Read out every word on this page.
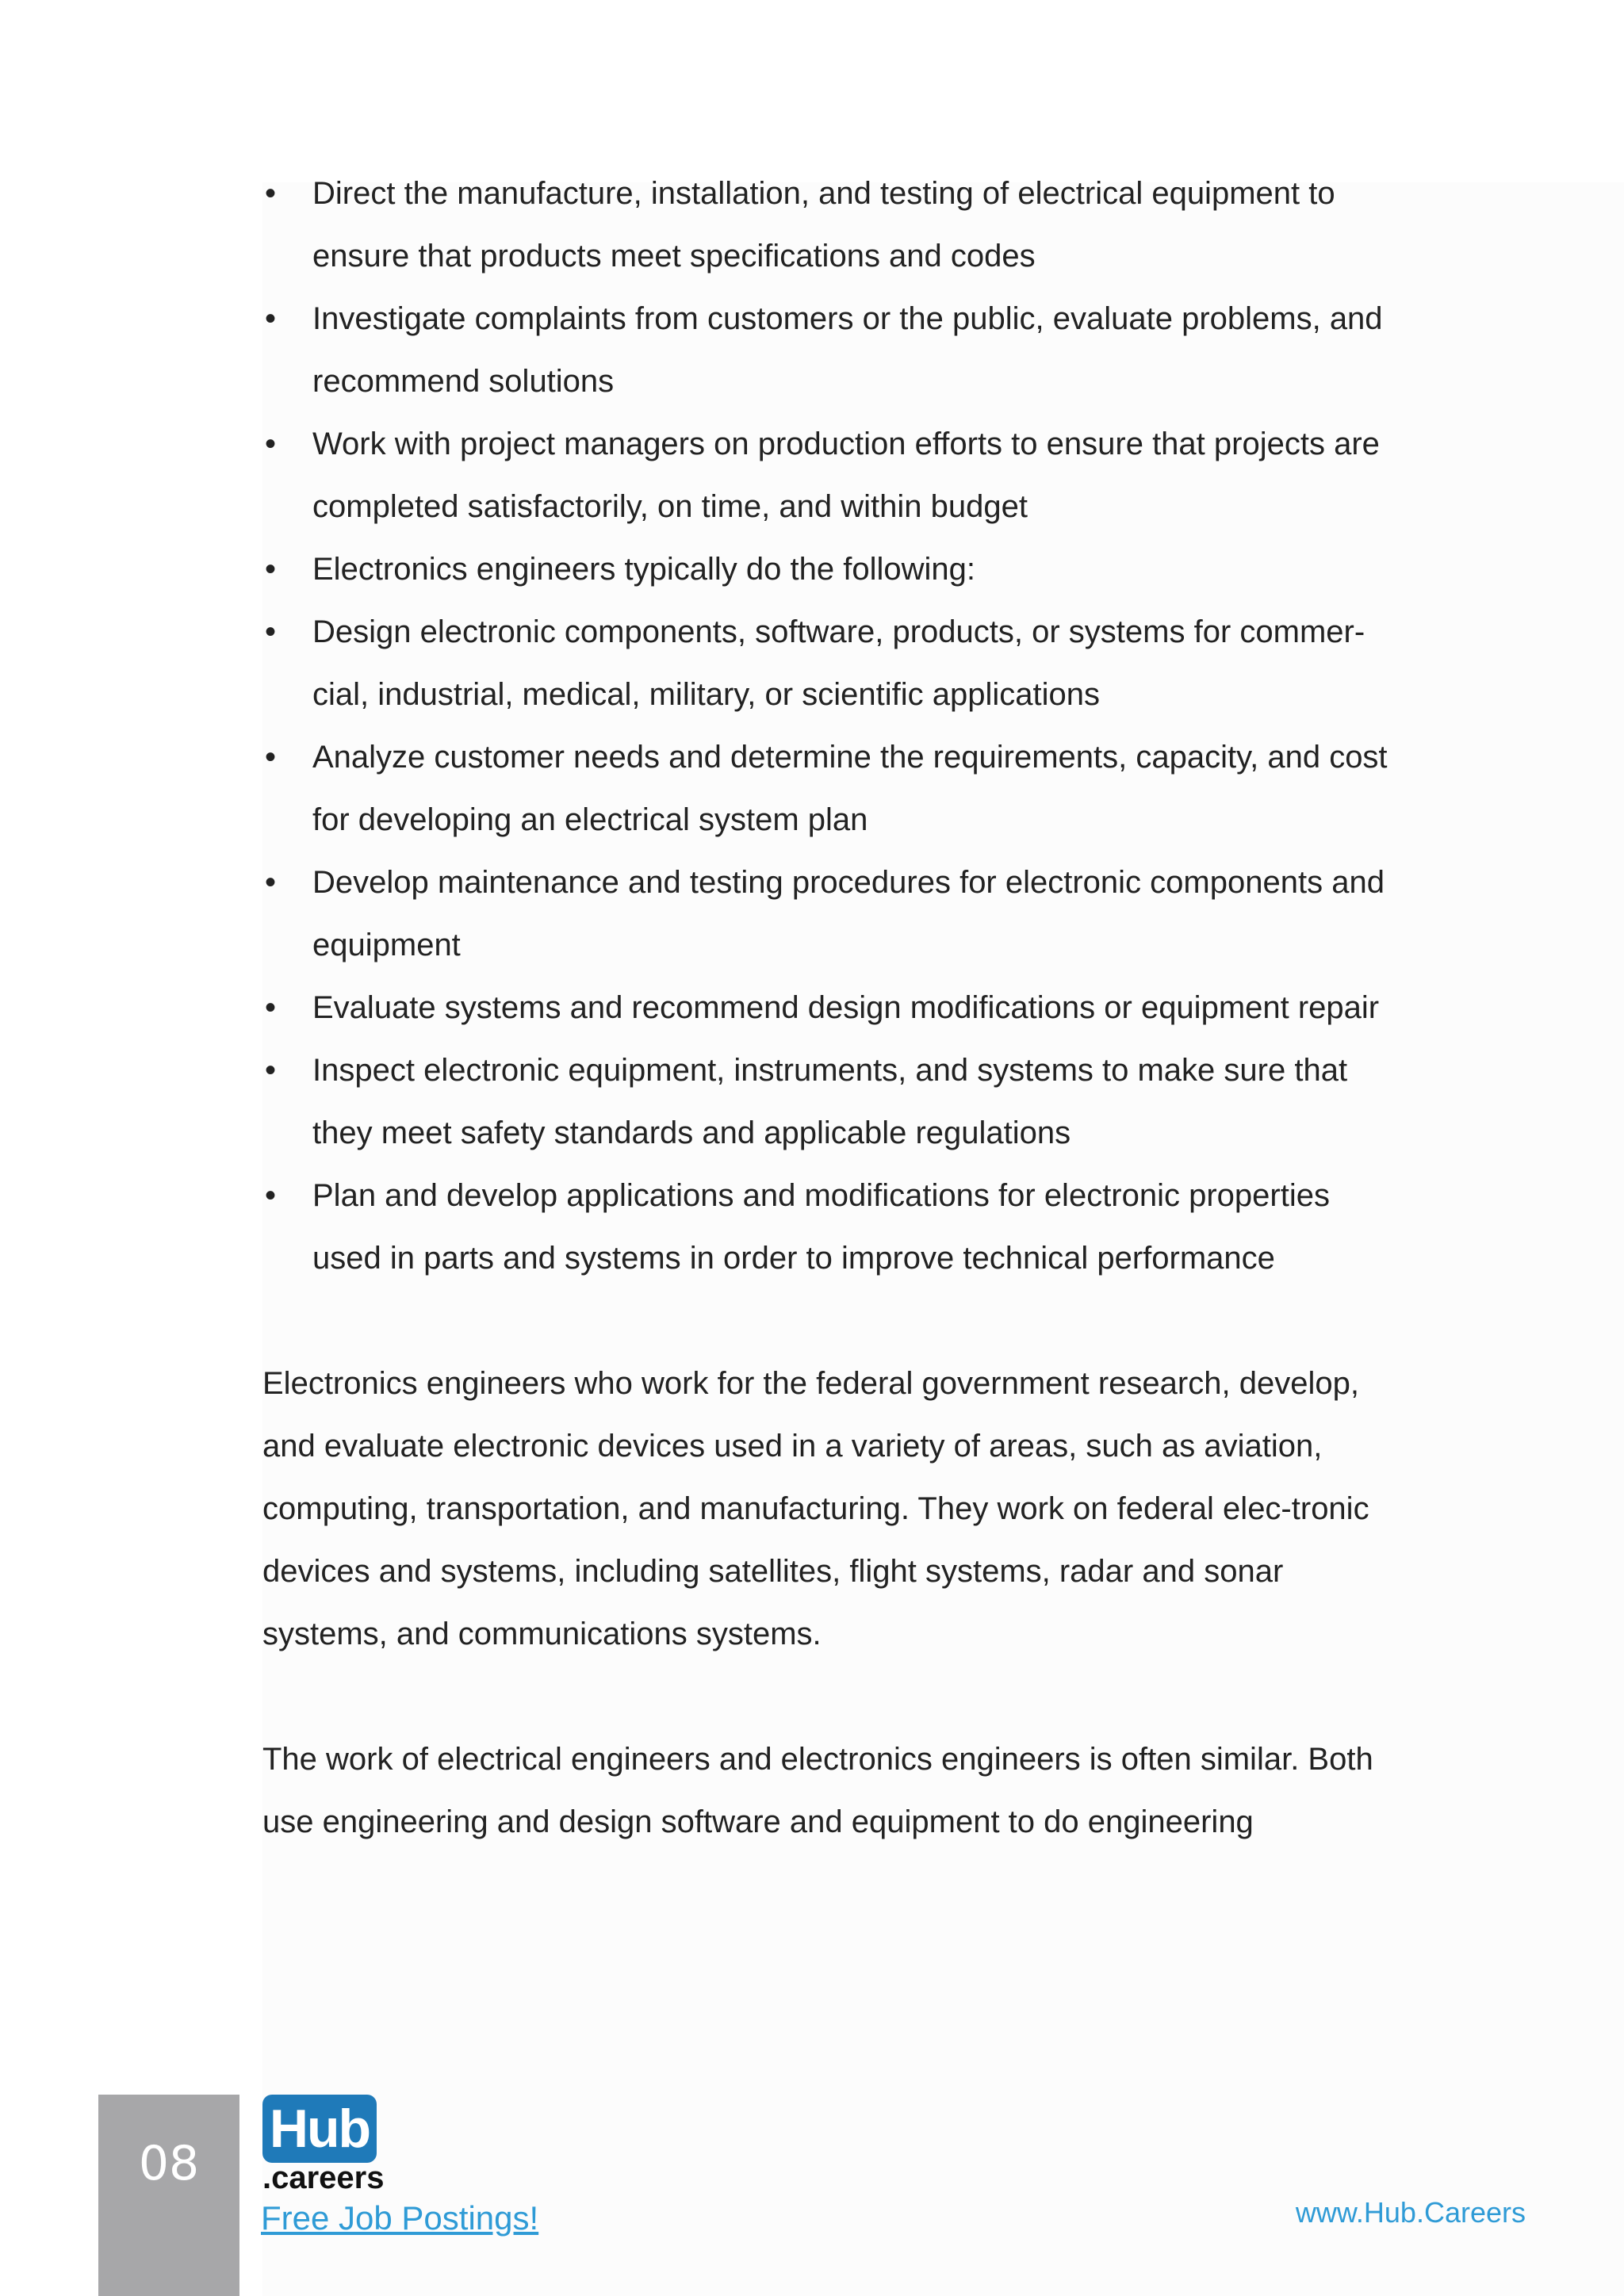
• Direct the manufacture, installation, and testing of electrical equipment to ensure that products meet specifications and codes
• Investigate complaints from customers or the public, evaluate problems, and recommend solutions
• Work with project managers on production efforts to ensure that projects are completed satisfactorily, on time, and within budget
• Electronics engineers typically do the following:
• Design electronic components, software, products, or systems for commer-cial, industrial, medical, military, or scientific applications
• Analyze customer needs and determine the requirements, capacity, and cost for developing an electrical system plan
• Develop maintenance and testing procedures for electronic components and equipment
• Evaluate systems and recommend design modifications or equipment repair
• Inspect electronic equipment, instruments, and systems to make sure that they meet safety standards and applicable regulations
• Plan and develop applications and modifications for electronic properties used in parts and systems in order to improve technical performance

Electronics engineers who work for the federal government research, develop, and evaluate electronic devices used in a variety of areas, such as aviation, computing, transportation, and manufacturing. They work on federal elec-tronic devices and systems, including satellites, flight systems, radar and sonar systems, and communications systems.

The work of electrical engineers and electronics engineers is often similar. Both use engineering and design software and equipment to do engineering

08
Hub
.careers
Free Job Postings!	www.Hub.Careers
